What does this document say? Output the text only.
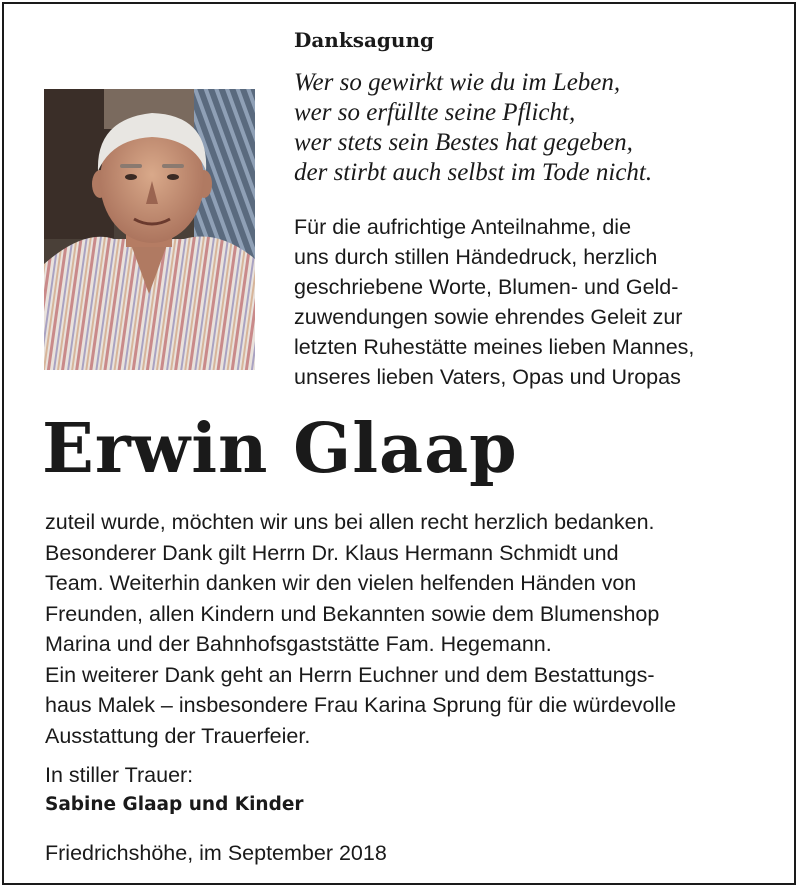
Danksagung
Wer so gewirkt wie du im Leben,
wer so erfüllte seine Pflicht,
wer stets sein Bestes hat gegeben,
der stirbt auch selbst im Tode nicht.
Für die aufrichtige Anteilnahme, die
uns durch stillen Händedruck, herzlich
geschriebene Worte, Blumen- und Geld-
zuwendungen sowie ehrendes Geleit zur
letzten Ruhestätte meines lieben Mannes,
unseres lieben Vaters, Opas und Uropas
Erwin Glaap
zuteil wurde, möchten wir uns bei allen recht herzlich bedanken.
Besonderer Dank gilt Herrn Dr. Klaus Hermann Schmidt und
Team. Weiterhin danken wir den vielen helfenden Händen von
Freunden, allen Kindern und Bekannten sowie dem Blumenshop
Marina und der Bahnhofsgaststätte Fam. Hegemann.
Ein weiterer Dank geht an Herrn Euchner und dem Bestattungs-
haus Malek – insbesondere Frau Karina Sprung für die würdevolle
Ausstattung der Trauerfeier.

In stiller Trauer:

Sabine Glaap und Kinder

Friedrichshöhe, im September 2018
